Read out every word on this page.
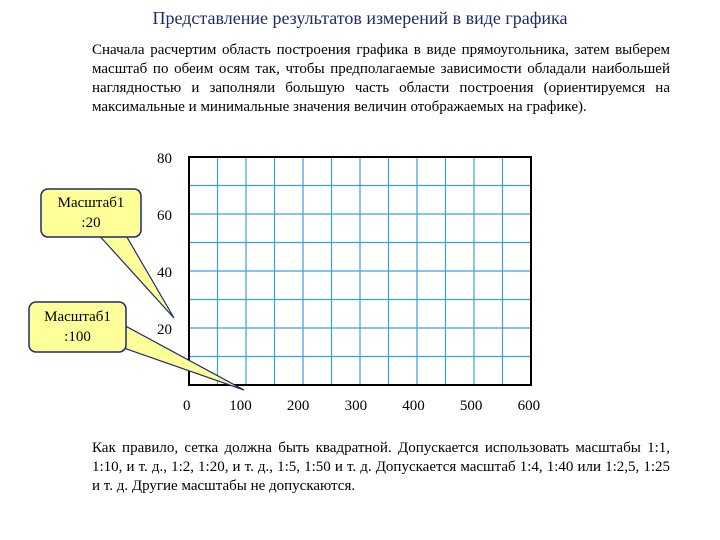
Представление результатов измерений в виде графика

Сначала расчертим область построения графика в виде прямоугольника, затем выберем масштаб по обеим осям так, чтобы предполагаемые зависимости обладали наибольшей наглядностью и заполняли большую часть области построения (ориентируемся на максимальные и минимальные значения величин отображаемых на графике).

Масштаб1
:20
Масштаб1
:100	20
40
60
80
0	100 200 300 400 500 600

Как правило, сетка должна быть квадратной. Допускается использовать масштабы 1:1, 1:10, и т. д., 1:2, 1:20, и т. д., 1:5, 1:50 и т. д. Допускается масштаб 1:4, 1:40 или 1:2,5, 1:25 и т. д. Другие масштабы не допускаются.
